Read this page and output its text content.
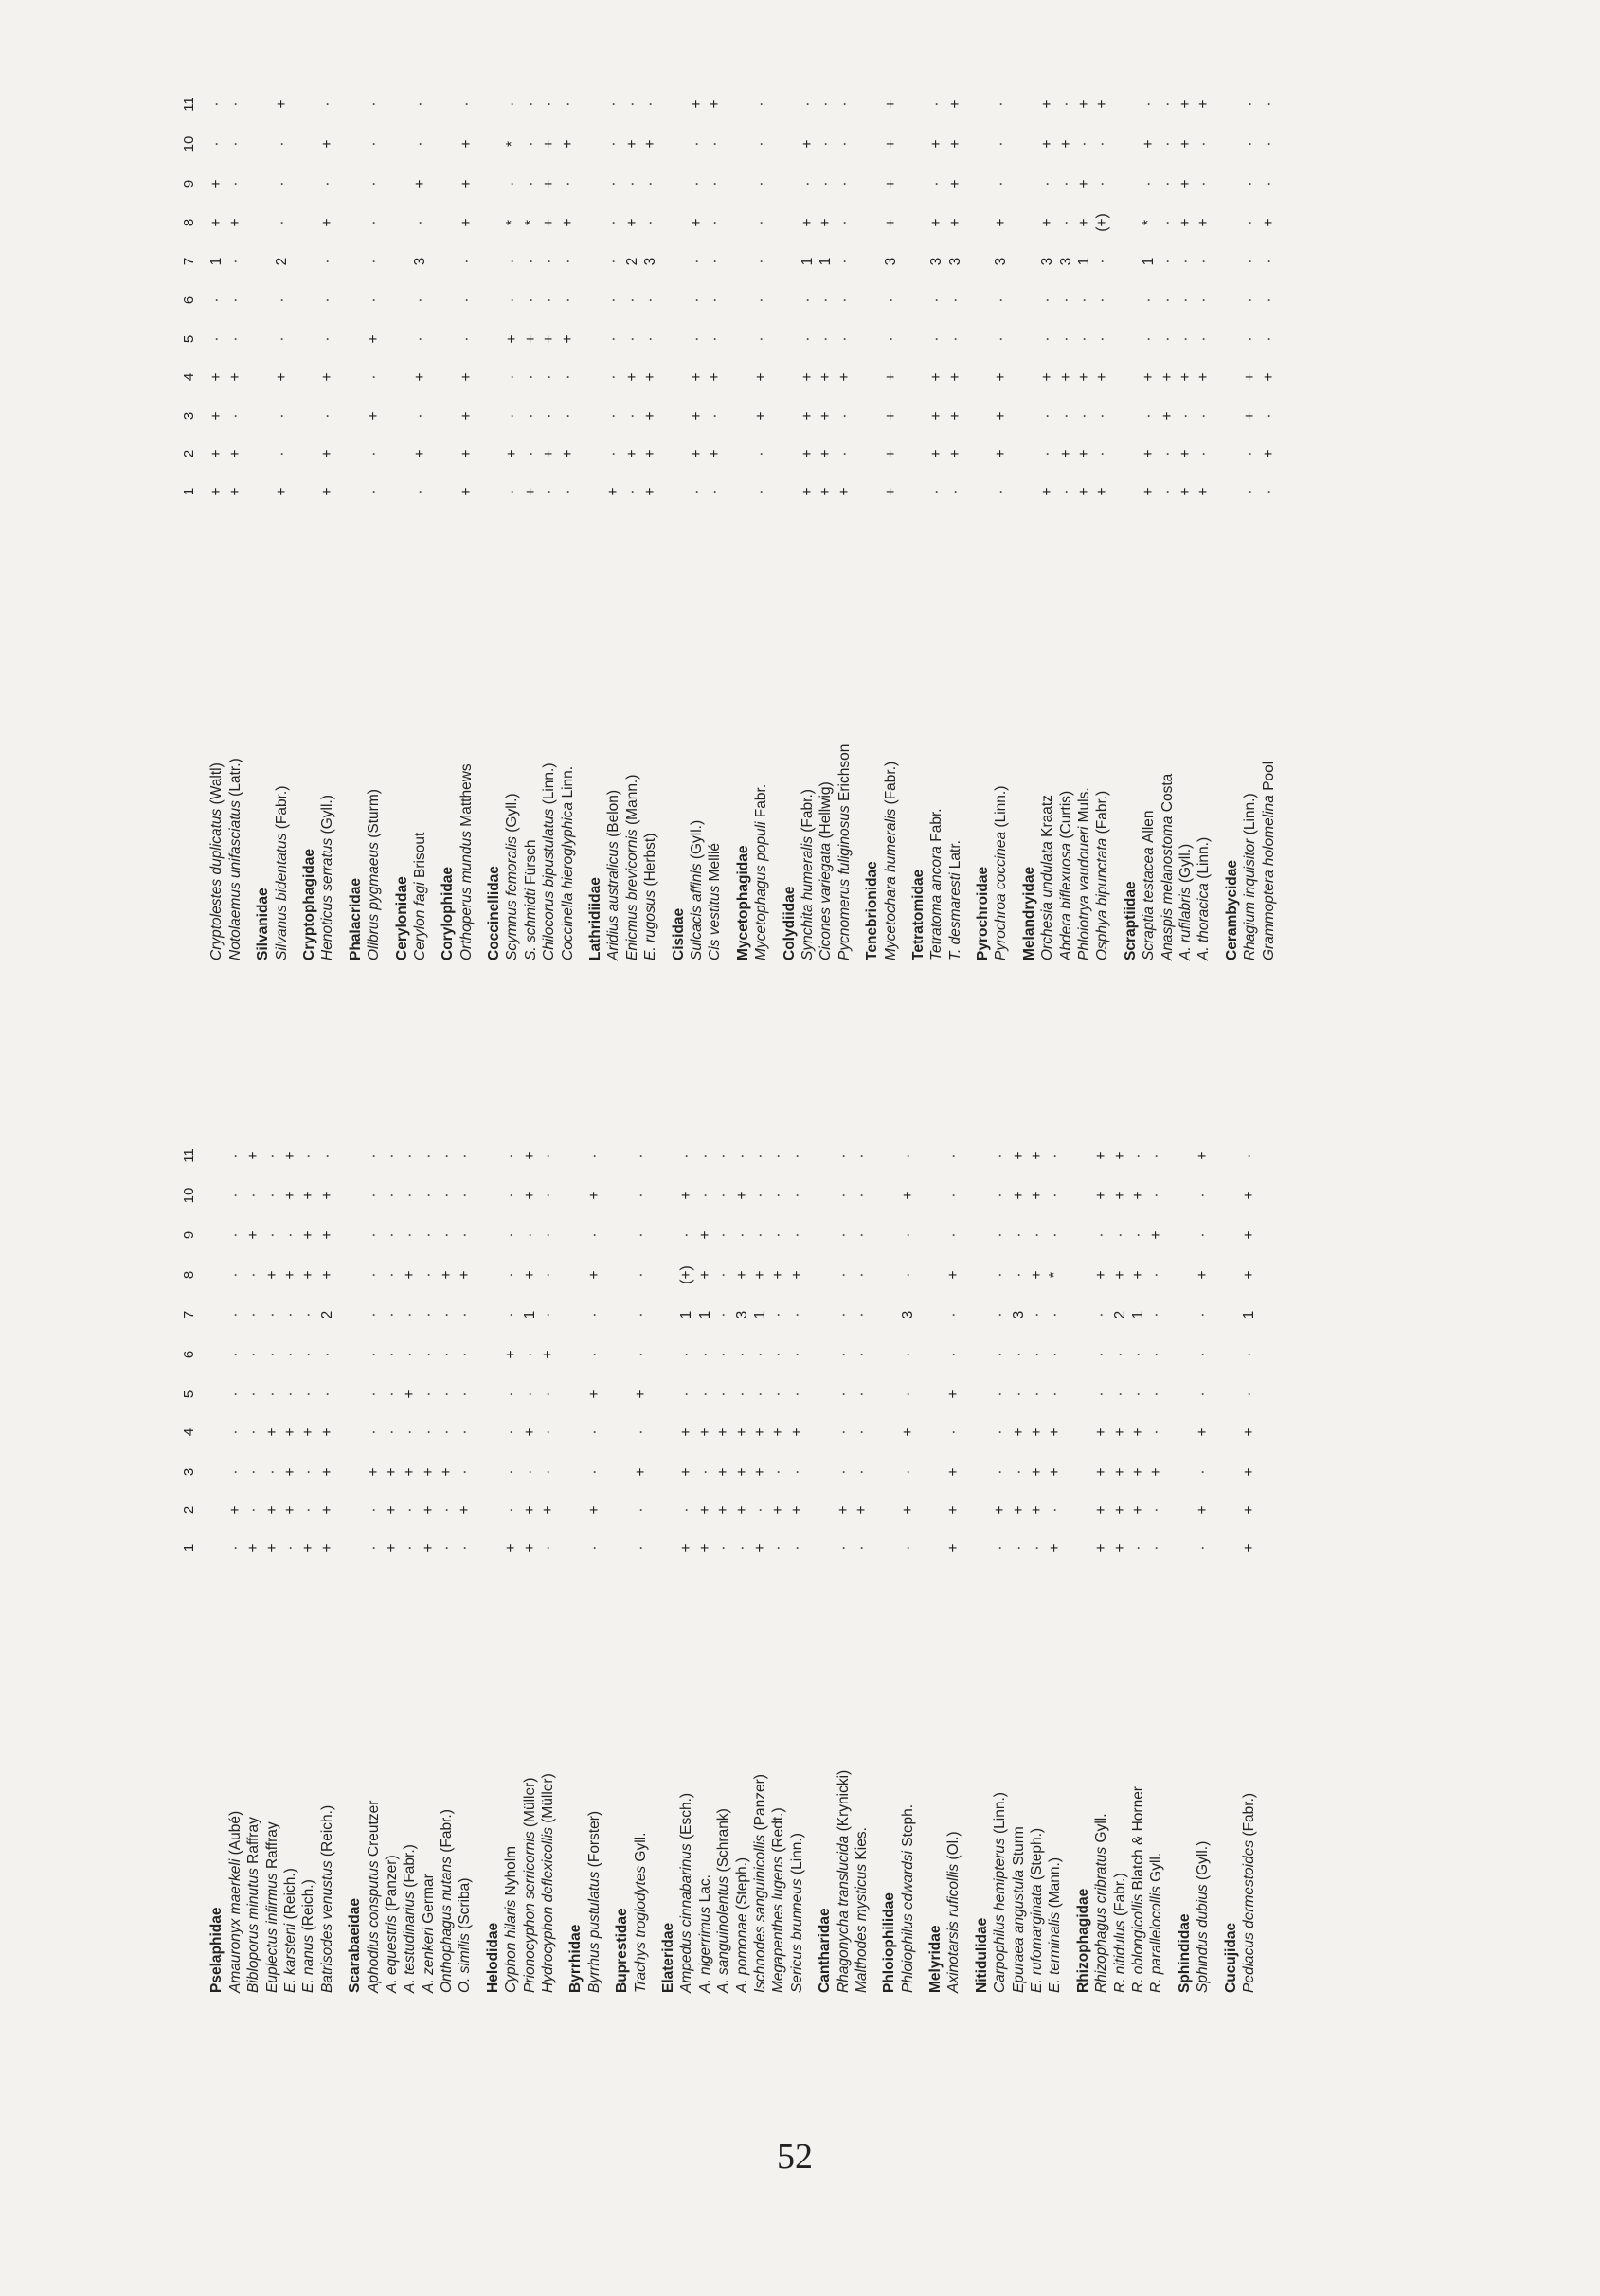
1
2
3
4
5
6
7
8
9
10
11
Pselaphidae Amauronyx maerkeli (Aubé)
·
+
·
·
·
·
·
·
·
·
·
Bibloporus minutus Raffray
+
·
·
·
·
·
·
·
+
·
+
Euplectus infirmus Raffray
+
+
·
+
·
·
·
+
·
·
·
E. karsteni (Reich.)
·
+
+
+
·
·
·
+
·
+
+
E. nanus (Reich.)
+
·
·
+
·
·
·
+
+
+
·
Batrisodes venustus (Reich.)
+
+
+
+
·
·
2
+
+
+
·
Scarabaeidae Aphodius consputus Creutzer
·
·
+
·
·
·
·
·
·
·
·
A. equestris (Panzer)
+
+
+
·
·
·
·
·
·
·
·
A. testudinarius (Fabr.)
·
·
+
·
+
·
·
+
·
·
·
A. zenkeri Germar
+
+
+
·
·
·
·
·
·
·
·
Onthophagus nutans (Fabr.)
·
·
+
·
·
·
·
+
·
·
·
O. similis (Scriba)
·
+
·
·
·
·
·
+
·
·
·
Helodidae Cyphon hilaris Nyholm
+
·
·
·
·
+
·
·
·
·
·
Prionocyphon serricornis (Müller)
+
+
·
+
·
·
1
+
·
+
+
Hydrocyphon deflexicollis (Müller)
·
+
·
·
·
+
·
·
·
·
·
Byrrhidae Byrrhus pustulatus (Forster)
·
+
·
·
+
·
·
+
·
+
·
Buprestidae Trachys troglodytes Gyll.
·
·
+
·
+
·
·
·
·
·
·
Elateridae Ampedus cinnabarinus (Esch.)
+
·
+
+
·
·
1
(+)
·
+
·
A. nigerrimus Lac.
+
+
·
+
·
·
1
+
+
·
·
A. sanguinolentus (Schrank)
·
+
+
+
·
·
·
·
·
·
·
A. pomonae (Steph.)
·
+
+
+
·
·
3
+
·
+
·
Ischnodes sanguinicollis (Panzer)
+
·
+
+
·
·
1
+
·
·
·
Megapenthes lugens (Redt.)
·
+
·
+
·
·
·
+
·
·
·
Sericus brunneus (Linn.)
·
+
·
+
·
·
·
+
·
·
·
Cantharidae Rhagonycha translucida (Krynicki)
·
+
·
·
·
·
·
·
·
·
·
Malthodes mysticus Kies.
·
+
·
·
·
·
·
·
·
·
·
Phloiophilidae Phloiophilus edwardsi Steph.
·
+
·
+
·
·
3
·
·
+
·
Melyridae Axinotarsis ruficollis (Ol.)
+
+
+
·
+
·
·
+
·
·
·
Nitidulidae Carpophilus hemipterus (Linn.)
·
+
·
·
·
·
·
·
·
·
·
Epuraea angustula Sturm
·
+
·
+
·
·
3
·
·
+
+
E. rufomarginata (Steph.)
·
+
+
+
·
·
·
+
·
+
+
E. terminalis (Mann.)
+
·
+
+
·
·
·
*
·
·
·
Rhizophagidae Rhizophagus cribratus Gyll.
+
+
+
+
·
·
·
+
·
+
+
R. nitidulus (Fabr.)
+
+
+
+
·
·
2
+
·
+
+
R. oblongicollis Blatch & Horner
·
+
+
+
·
·
1
+
·
+
·
R. parallelocollis Gyll.
·
·
+
·
·
·
·
·
+
·
·
Sphindidae Sphindus dubius (Gyll.)
·
+
·
+
·
·
·
+
·
·
+
Cucujidae Pediacus dermestoides (Fabr.)
+
+
+
+
·
·
1
+
+
+
·
1
2
3
4
5
6
7
8
9
10
11
Cryptolestes duplicatus (Waltl)
+
+
+
+
·
·
1
+
+
·
·
Notolaemus unifasciatus (Latr.)
+
+
·
+
·
·
·
+
·
·
·
Silvanidae Silvanus bidentatus (Fabr.)
+
·
·
+
·
·
2
·
·
·
+
Cryptophagidae Henoticus serratus (Gyll.)
+
+
·
+
·
·
·
+
·
+
·
Phalacridae Olibrus pygmaeus (Sturm)
·
·
+
·
+
·
·
·
·
·
·
Cerylonidae Cerylon fagi Brisout
·
+
·
+
·
·
3
·
+
·
·
Corylophidae Orthoperus mundus Matthews
+
+
+
+
·
·
·
+
+
+
·
Coccinellidae Scymnus femoralis (Gyll.)
·
+
·
·
+
·
·
*
·
*
·
S. schmidti Fürsch
+
·
·
·
+
·
·
*
·
·
·
Chilocorus bipustulatus (Linn.)
·
+
·
·
+
·
·
+
+
+
·
Coccinella hieroglyphica Linn.
·
+
·
·
+
·
·
+
·
+
·
Lathridiidae Aridius australicus (Belon)
+
·
·
·
·
·
·
·
·
·
·
Enicmus brevicornis (Mann.)
·
+
·
+
·
·
2
+
·
+
·
E. rugosus (Herbst)
+
+
+
+
·
·
3
·
·
+
·
Cisidae Sulcacis affinis (Gyll.)
·
+
+
+
·
·
·
+
·
·
+
Cis vestitus Mellié
·
+
·
+
·
·
·
·
·
·
+
Mycetophagidae Mycetophagus populi Fabr.
·
·
+
+
·
·
·
·
·
·
·
Colydiidae Synchita humeralis (Fabr.)
+
+
+
+
·
·
1
+
·
+
·
Cicones variegata (Hellwig)
+
+
+
+
·
·
1
+
·
·
·
Pycnomerus fuliginosus Erichson
+
·
·
+
·
·
·
·
·
·
·
Tenebrionidae Mycetochara humeralis (Fabr.)
+
+
+
+
·
·
3
+
+
+
+
Tetratomidae Tetratoma ancora Fabr.
·
+
+
+
·
·
3
+
·
+
·
T. desmaresti Latr.
·
+
+
+
·
·
3
+
+
+
+
Pyrochroidae Pyrochroa coccinea (Linn.)
·
+
+
+
·
·
3
+
·
·
·
Melandryidae Orchesia undulata Kraatz
+
·
·
+
·
·
3
+
·
+
+
Abdera biflexuosa (Curtis)
·
+
·
+
·
·
3
·
·
+
·
Phloiotrya vaudoueri Muls.
+
+
·
+
·
·
1
+
+
·
+
Osphya bipunctata (Fabr.)
+
·
·
+
·
·
·
(+)
·
·
+
Scraptiidae Scraptia testacea Allen
+
+
·
+
·
·
1
*
·
+
·
Anaspis melanostoma Costa
·
·
+
+
·
·
·
·
·
·
·
A. rufilabris (Gyll.)
+
+
·
+
·
·
·
+
+
+
+
A. thoracica (Linn.)
+
·
·
+
·
·
·
+
·
·
+
Cerambycidae Rhagium inquisitor (Linn.)
·
·
+
+
·
·
·
·
·
·
·
Grammoptera holomelina Pool
·
+
·
+
·
·
·
+
·
·
·
52
